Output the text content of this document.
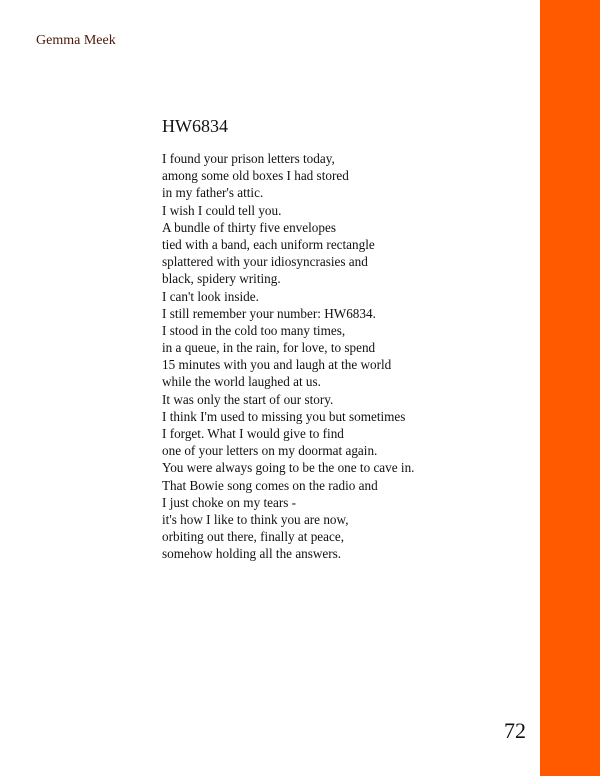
Gemma Meek
HW6834
I found your prison letters today,
among some old boxes I had stored
in my father's attic.
I wish I could tell you.
A bundle of thirty five envelopes
tied with a band, each uniform rectangle
splattered with your idiosyncrasies and
black, spidery writing.
I can't look inside.
I still remember your number: HW6834.
I stood in the cold too many times,
in a queue, in the rain, for love, to spend
15 minutes with you and laugh at the world
while the world laughed at us.
It was only the start of our story.
I think I'm used to missing you but sometimes
I forget. What I would give to find
one of your letters on my doormat again.
You were always going to be the one to cave in.
That Bowie song comes on the radio and
I just choke on my tears -
it's how I like to think you are now,
orbiting out there, finally at peace,
somehow holding all the answers.
72
